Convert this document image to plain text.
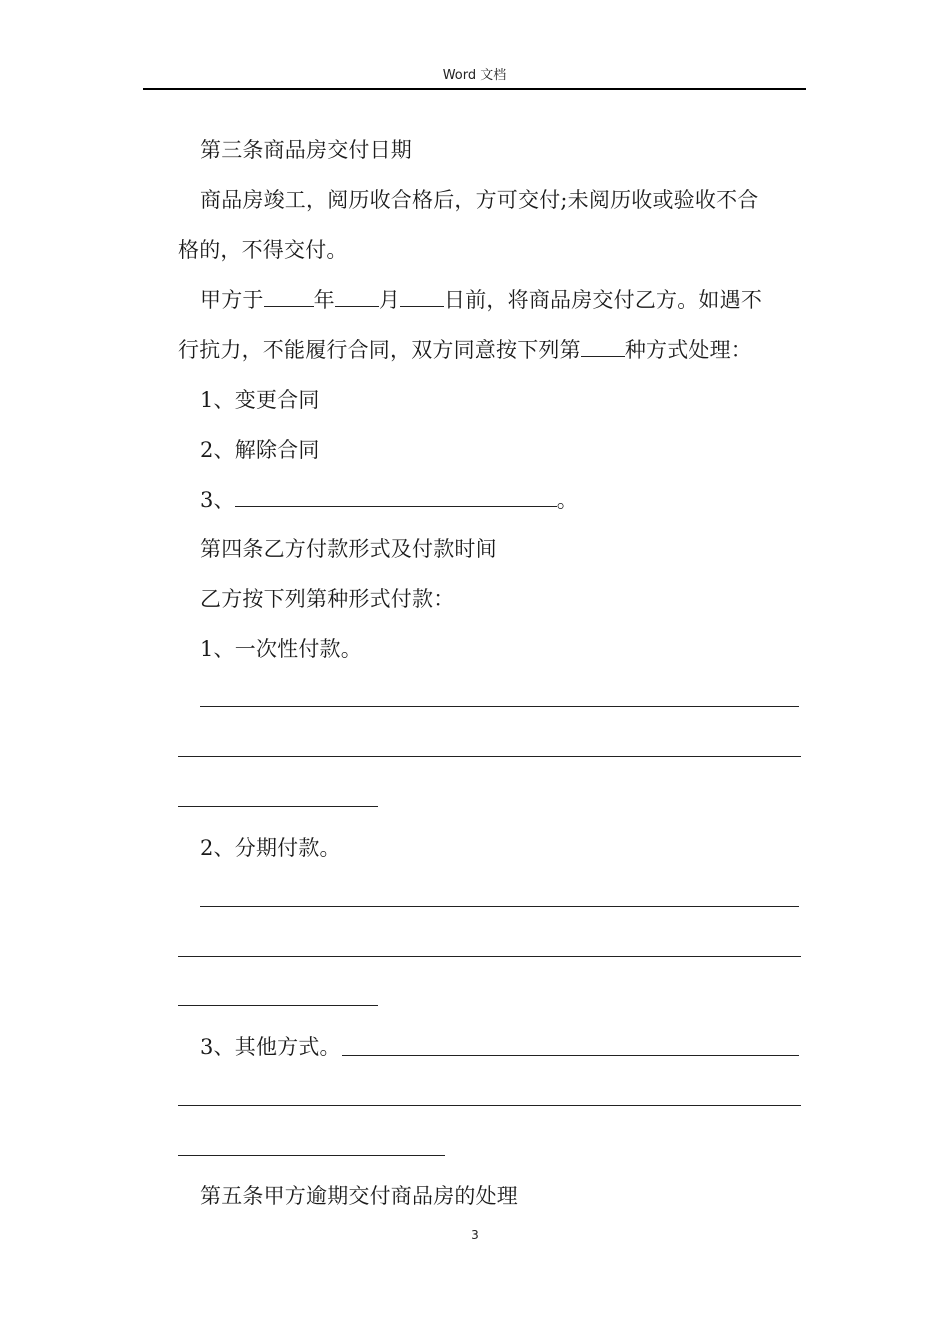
Word 文档
第三条商品房交付日期
商品房竣工，阅历收合格后，方可交付;未阅历收或验收不合
格的，不得交付。
甲方于 年 月 日前，将商品房交付乙方。如遇不
行抗力，不能履行合同，双方同意按下列第 种方式处理：
1、变更合同
2、解除合同
3、	。
第四条乙方付款形式及付款时间
乙方按下列第种形式付款：
1、一次性付款。
2、分期付款。
3、其他方式。
第五条甲方逾期交付商品房的处理
3
